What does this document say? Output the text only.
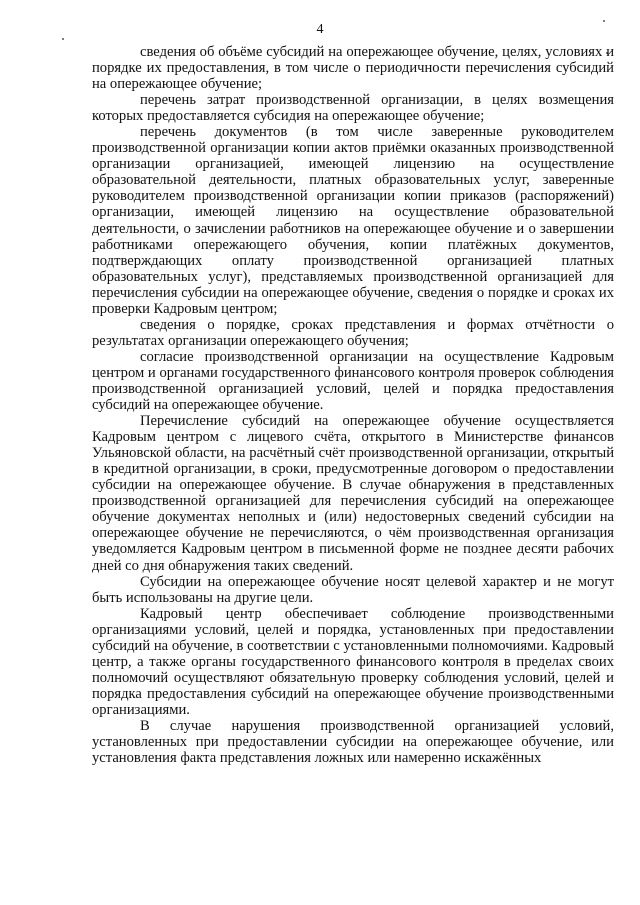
4

сведения об объёме субсидий на опережающее обучение, целях, условиях и порядке их предоставления, в том числе о периодичности перечисления субсидий на опережающее обучение;

перечень затрат производственной организации, в целях возмещения которых предоставляется субсидия на опережающее обучение;

перечень документов (в том числе заверенные руководителем производственной организации копии актов приёмки оказанных производственной организации организацией, имеющей лицензию на осуществление образовательной деятельности, платных образовательных услуг, заверенные руководителем производственной организации копии приказов (распоряжений) организации, имеющей лицензию на осуществление образовательной деятельности, о зачислении работников на опережающее обучение и о завершении работниками опережающего обучения, копии платёжных документов, подтверждающих оплату производственной организацией платных образовательных услуг), представляемых производственной организацией для перечисления субсидии на опережающее обучение, сведения о порядке и сроках их проверки Кадровым центром;

сведения о порядке, сроках представления и формах отчётности о результатах организации опережающего обучения;

согласие производственной организации на осуществление Кадровым центром и органами государственного финансового контроля проверок соблюдения производственной организацией условий, целей и порядка предоставления субсидий на опережающее обучение.

Перечисление субсидий на опережающее обучение осуществляется Кадровым центром с лицевого счёта, открытого в Министерстве финансов Ульяновской области, на расчётный счёт производственной организации, открытый в кредитной организации, в сроки, предусмотренные договором о предоставлении субсидии на опережающее обучение. В случае обнаружения в представленных производственной организацией для перечисления субсидий на опережающее обучение документах неполных и (или) недостоверных сведений субсидии на опережающее обучение не перечисляются, о чём производственная организация уведомляется Кадровым центром в письменной форме не позднее десяти рабочих дней со дня обнаружения таких сведений.

Субсидии на опережающее обучение носят целевой характер и не могут быть использованы на другие цели.

Кадровый центр обеспечивает соблюдение производственными организациями условий, целей и порядка, установленных при предоставлении субсидий на обучение, в соответствии с установленными полномочиями. Кадровый центр, а также органы государственного финансового контроля в пределах своих полномочий осуществляют обязательную проверку соблюдения условий, целей и порядка предоставления субсидий на опережающее обучение производственными организациями.

В случае нарушения производственной организацией условий, установленных при предоставлении субсидии на опережающее обучение, или установления факта представления ложных или намеренно искажённых
